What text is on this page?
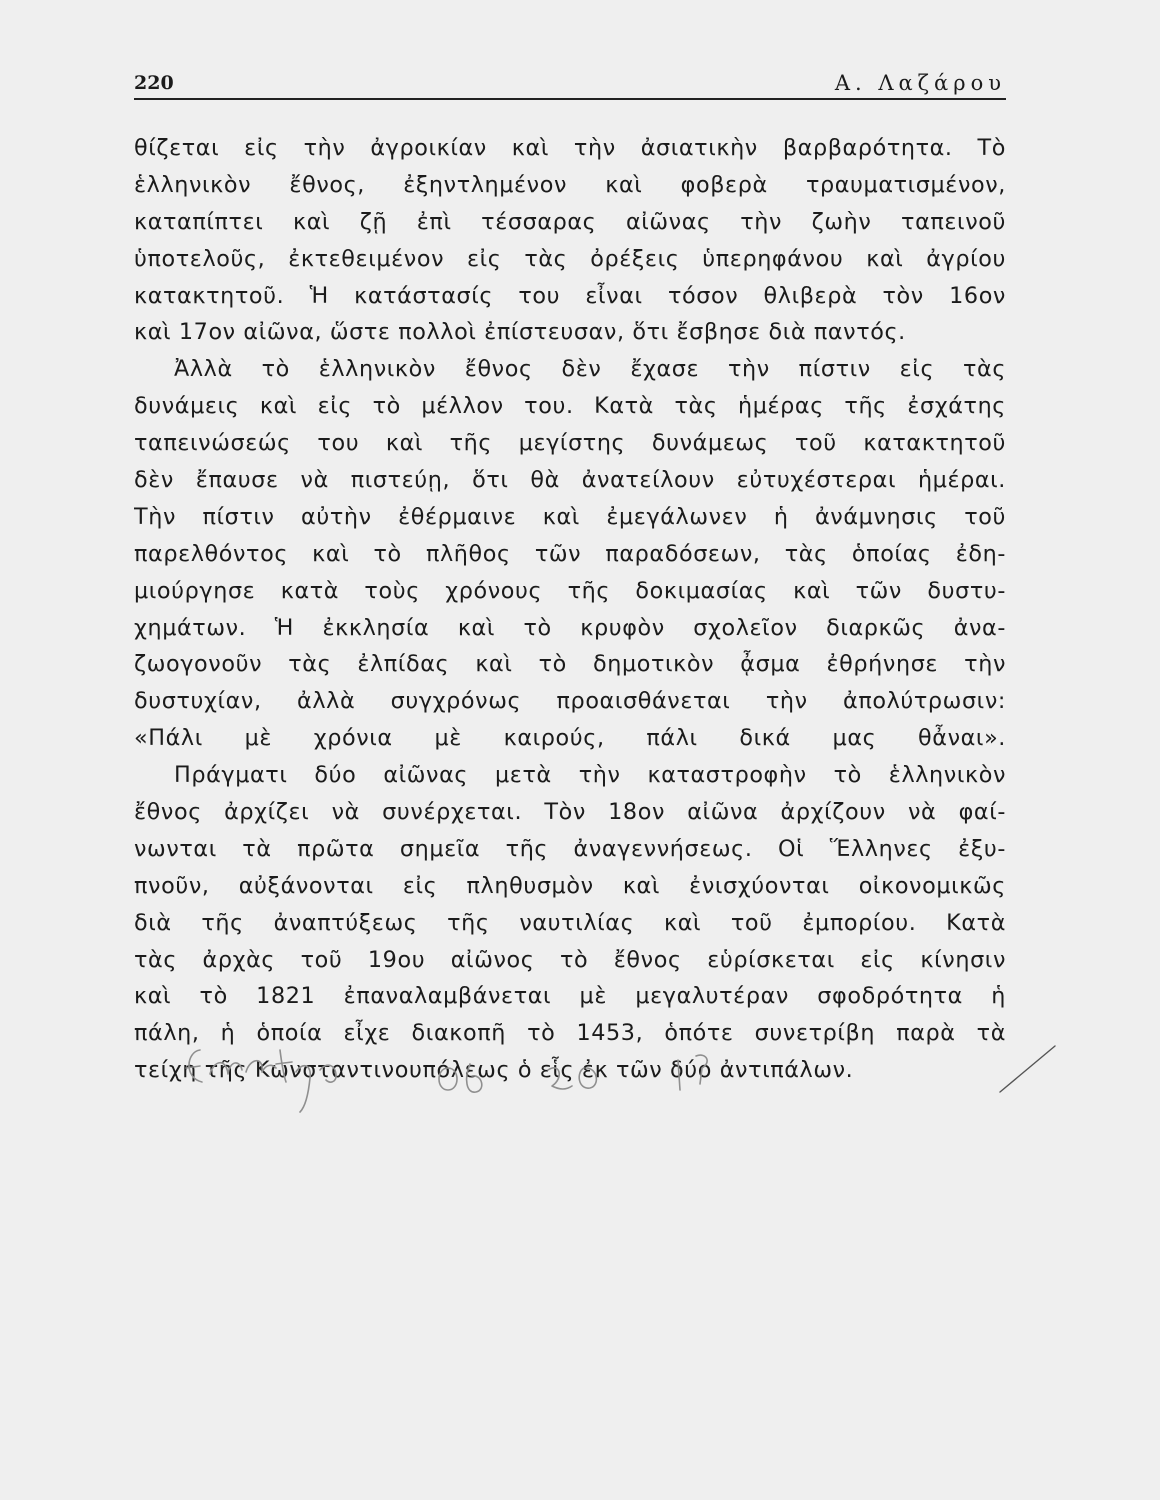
220	Α. Λαζάρου
θίζεται εἰς τὴν ἀγροικίαν καὶ τὴν ἀσιατικὴν βαρβαρότητα. Τὸ
ἑλληνικὸν ἔθνος, ἐξηντλημένον καὶ φοβερὰ τραυματισμένον,
καταπίπτει καὶ ζῇ ἐπὶ τέσσαρας αἰῶνας τὴν ζωὴν ταπεινοῦ
ὑποτελοῦς, ἐκτεθειμένον εἰς τὰς ὀρέξεις ὑπερηφάνου καὶ ἀγρίου
κατακτητοῦ. Ἡ κατάστασίς του εἶναι τόσον θλιβερὰ τὸν 16ον
καὶ 17ον αἰῶνα, ὥστε πολλοὶ ἐπίστευσαν, ὅτι ἔσβησε διὰ παντός.
Ἀλλὰ τὸ ἑλληνικὸν ἔθνος δὲν ἔχασε τὴν πίστιν εἰς τὰς
δυνάμεις καὶ εἰς τὸ μέλλον του. Κατὰ τὰς ἡμέρας τῆς ἐσχάτης
ταπεινώσεώς του καὶ τῆς μεγίστης δυνάμεως τοῦ κατακτητοῦ
δὲν ἔπαυσε νὰ πιστεύῃ, ὅτι θὰ ἀνατείλουν εὐτυχέστεραι ἡμέραι.
Τὴν πίστιν αὐτὴν ἐθέρμαινε καὶ ἐμεγάλωνεν ἡ ἀνάμνησις τοῦ
παρελθόντος καὶ τὸ πλῆθος τῶν παραδόσεων, τὰς ὁποίας ἐδη-
μιούργησε κατὰ τοὺς χρόνους τῆς δοκιμασίας καὶ τῶν δυστυ-
χημάτων. Ἡ ἐκκλησία καὶ τὸ κρυφὸν σχολεῖον διαρκῶς ἀνα-
ζωογονοῦν τὰς ἐλπίδας καὶ τὸ δημοτικὸν ᾆσμα ἐθρήνησε τὴν
δυστυχίαν, ἀλλὰ συγχρόνως προαισθάνεται τὴν ἀπολύτρωσιν:
«Πάλι μὲ χρόνια μὲ καιρούς, πάλι δικά μας θἆναι».
Πράγματι δύο αἰῶνας μετὰ τὴν καταστροφὴν τὸ ἑλληνικὸν
ἔθνος ἀρχίζει νὰ συνέρχεται. Τὸν 18ον αἰῶνα ἀρχίζουν νὰ φαί-
νωνται τὰ πρῶτα σημεῖα τῆς ἀναγεννήσεως. Οἱ Ἕλληνες ἐξυ-
πνοῦν, αὐξάνονται εἰς πληθυσμὸν καὶ ἐνισχύονται οἰκονομικῶς
διὰ τῆς ἀναπτύξεως τῆς ναυτιλίας καὶ τοῦ ἐμπορίου. Κατὰ
τὰς ἀρχὰς τοῦ 19ου αἰῶνος τὸ ἔθνος εὑρίσκεται εἰς κίνησιν
καὶ τὸ 1821 ἐπαναλαμβάνεται μὲ μεγαλυτέραν σφοδρότητα ἡ
πάλη, ἡ ὁποία εἶχε διακοπῆ τὸ 1453, ὁπότε συνετρίβη παρὰ τὰ
τείχη τῆς Κωνσταντινουπόλεως ὁ εἷς ἐκ τῶν δύο ἀντιπάλων.
